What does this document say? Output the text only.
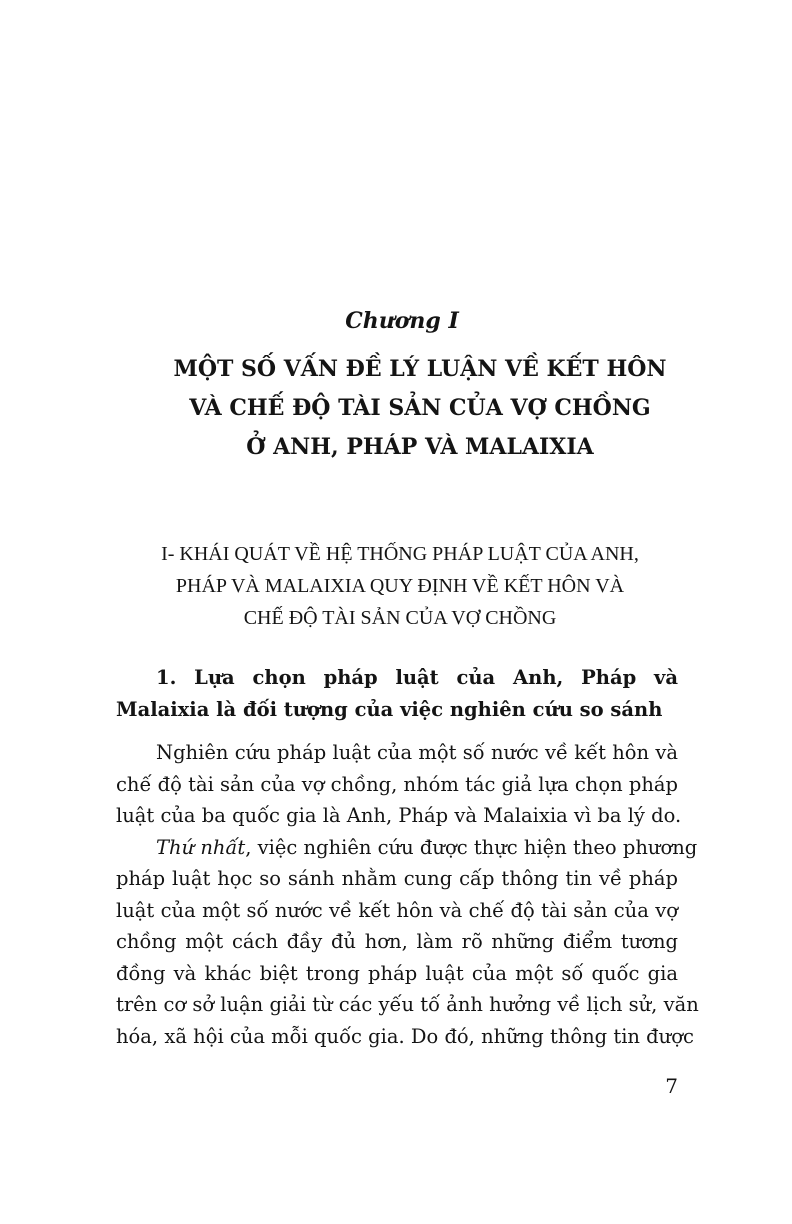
Chương I
MỘT SỐ VẤN ĐỀ LÝ LUẬN VỀ KẾT HÔN
VÀ CHẾ ĐỘ TÀI SẢN CỦA VỢ CHỒNG
Ở ANH, PHÁP VÀ MALAIXIA
I- KHÁI QUÁT VỀ HỆ THỐNG PHÁP LUẬT CỦA ANH,
PHÁP VÀ MALAIXIA QUY ĐỊNH VỀ KẾT HÔN VÀ
CHẾ ĐỘ TÀI SẢN CỦA VỢ CHỒNG
1. Lựa chọn pháp luật của Anh, Pháp và
Malaixia là đối tượng của việc nghiên cứu so sánh
Nghiên cứu pháp luật của một số nước về kết hôn và
chế độ tài sản của vợ chồng, nhóm tác giả lựa chọn pháp
luật của ba quốc gia là Anh, Pháp và Malaixia vì ba lý do.
Thứ nhất, việc nghiên cứu được thực hiện theo phương
pháp luật học so sánh nhằm cung cấp thông tin về pháp
luật của một số nước về kết hôn và chế độ tài sản của vợ
chồng một cách đầy đủ hơn, làm rõ những điểm tương
đồng và khác biệt trong pháp luật của một số quốc gia
trên cơ sở luận giải từ các yếu tố ảnh hưởng về lịch sử, văn
hóa, xã hội của mỗi quốc gia. Do đó, những thông tin được
7
